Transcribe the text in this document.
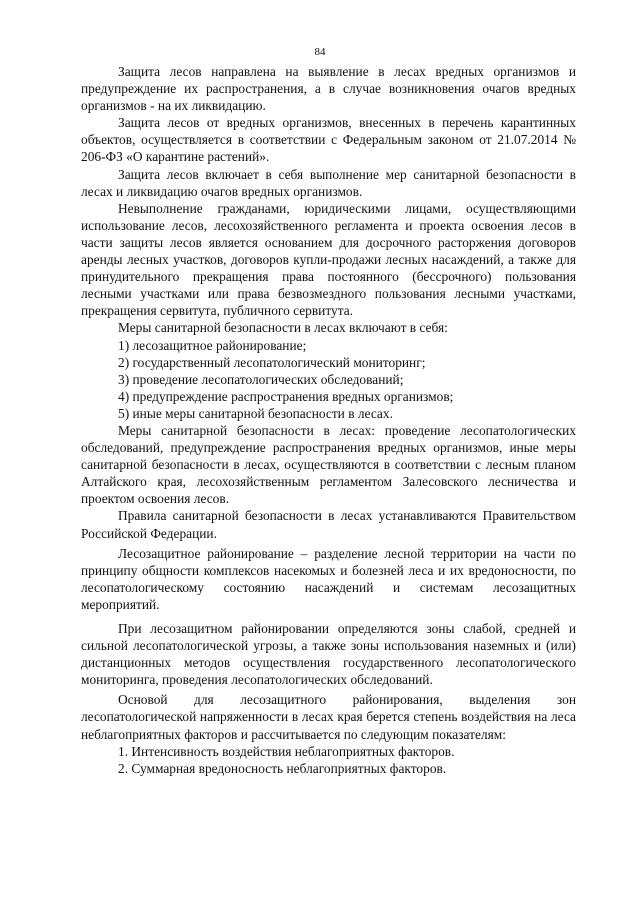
84

Защита лесов направлена на выявление в лесах вредных организмов и предупреждение их распространения, а в случае возникновения очагов вредных организмов - на их ликвидацию.

Защита лесов от вредных организмов, внесенных в перечень карантинных объектов, осуществляется в соответствии с Федеральным законом от 21.07.2014 № 206-ФЗ «О карантине растений».

Защита лесов включает в себя выполнение мер санитарной безопасности в лесах и ликвидацию очагов вредных организмов.

Невыполнение гражданами, юридическими лицами, осуществляющими использование лесов, лесохозяйственного регламента и проекта освоения лесов в части защиты лесов является основанием для досрочного расторжения договоров аренды лесных участков, договоров купли-продажи лесных насаждений, а также для принудительного прекращения права постоянного (бессрочного) пользования лесными участками или права безвозмездного пользования лесными участками, прекращения сервитута, публичного сервитута.

Меры санитарной безопасности в лесах включают в себя:

1) лесозащитное районирование;

2) государственный лесопатологический мониторинг;

3) проведение лесопатологических обследований;

4) предупреждение распространения вредных организмов;

5) иные меры санитарной безопасности в лесах.

Меры санитарной безопасности в лесах: проведение лесопатологических обследований, предупреждение распространения вредных организмов, иные меры санитарной безопасности в лесах, осуществляются в соответствии с лесным планом Алтайского края, лесохозяйственным регламентом Залесовского лесничества и проектом освоения лесов.

Правила санитарной безопасности в лесах устанавливаются Правительством Российской Федерации.

Лесозащитное районирование – разделение лесной территории на части по принципу общности комплексов насекомых и болезней леса и их вредоносности, по лесопатологическому состоянию насаждений и системам лесозащитных мероприятий.

При лесозащитном районировании определяются зоны слабой, средней и сильной лесопатологической угрозы, а также зоны использования наземных и (или) дистанционных методов осуществления государственного лесопатологического мониторинга, проведения лесопатологических обследований.

Основой для лесозащитного районирования, выделения зон лесопатологической напряженности в лесах края берется степень воздействия на леса неблагоприятных факторов и рассчитывается по следующим показателям:

1. Интенсивность воздействия неблагоприятных факторов.

2. Суммарная вредоносность неблагоприятных факторов.
